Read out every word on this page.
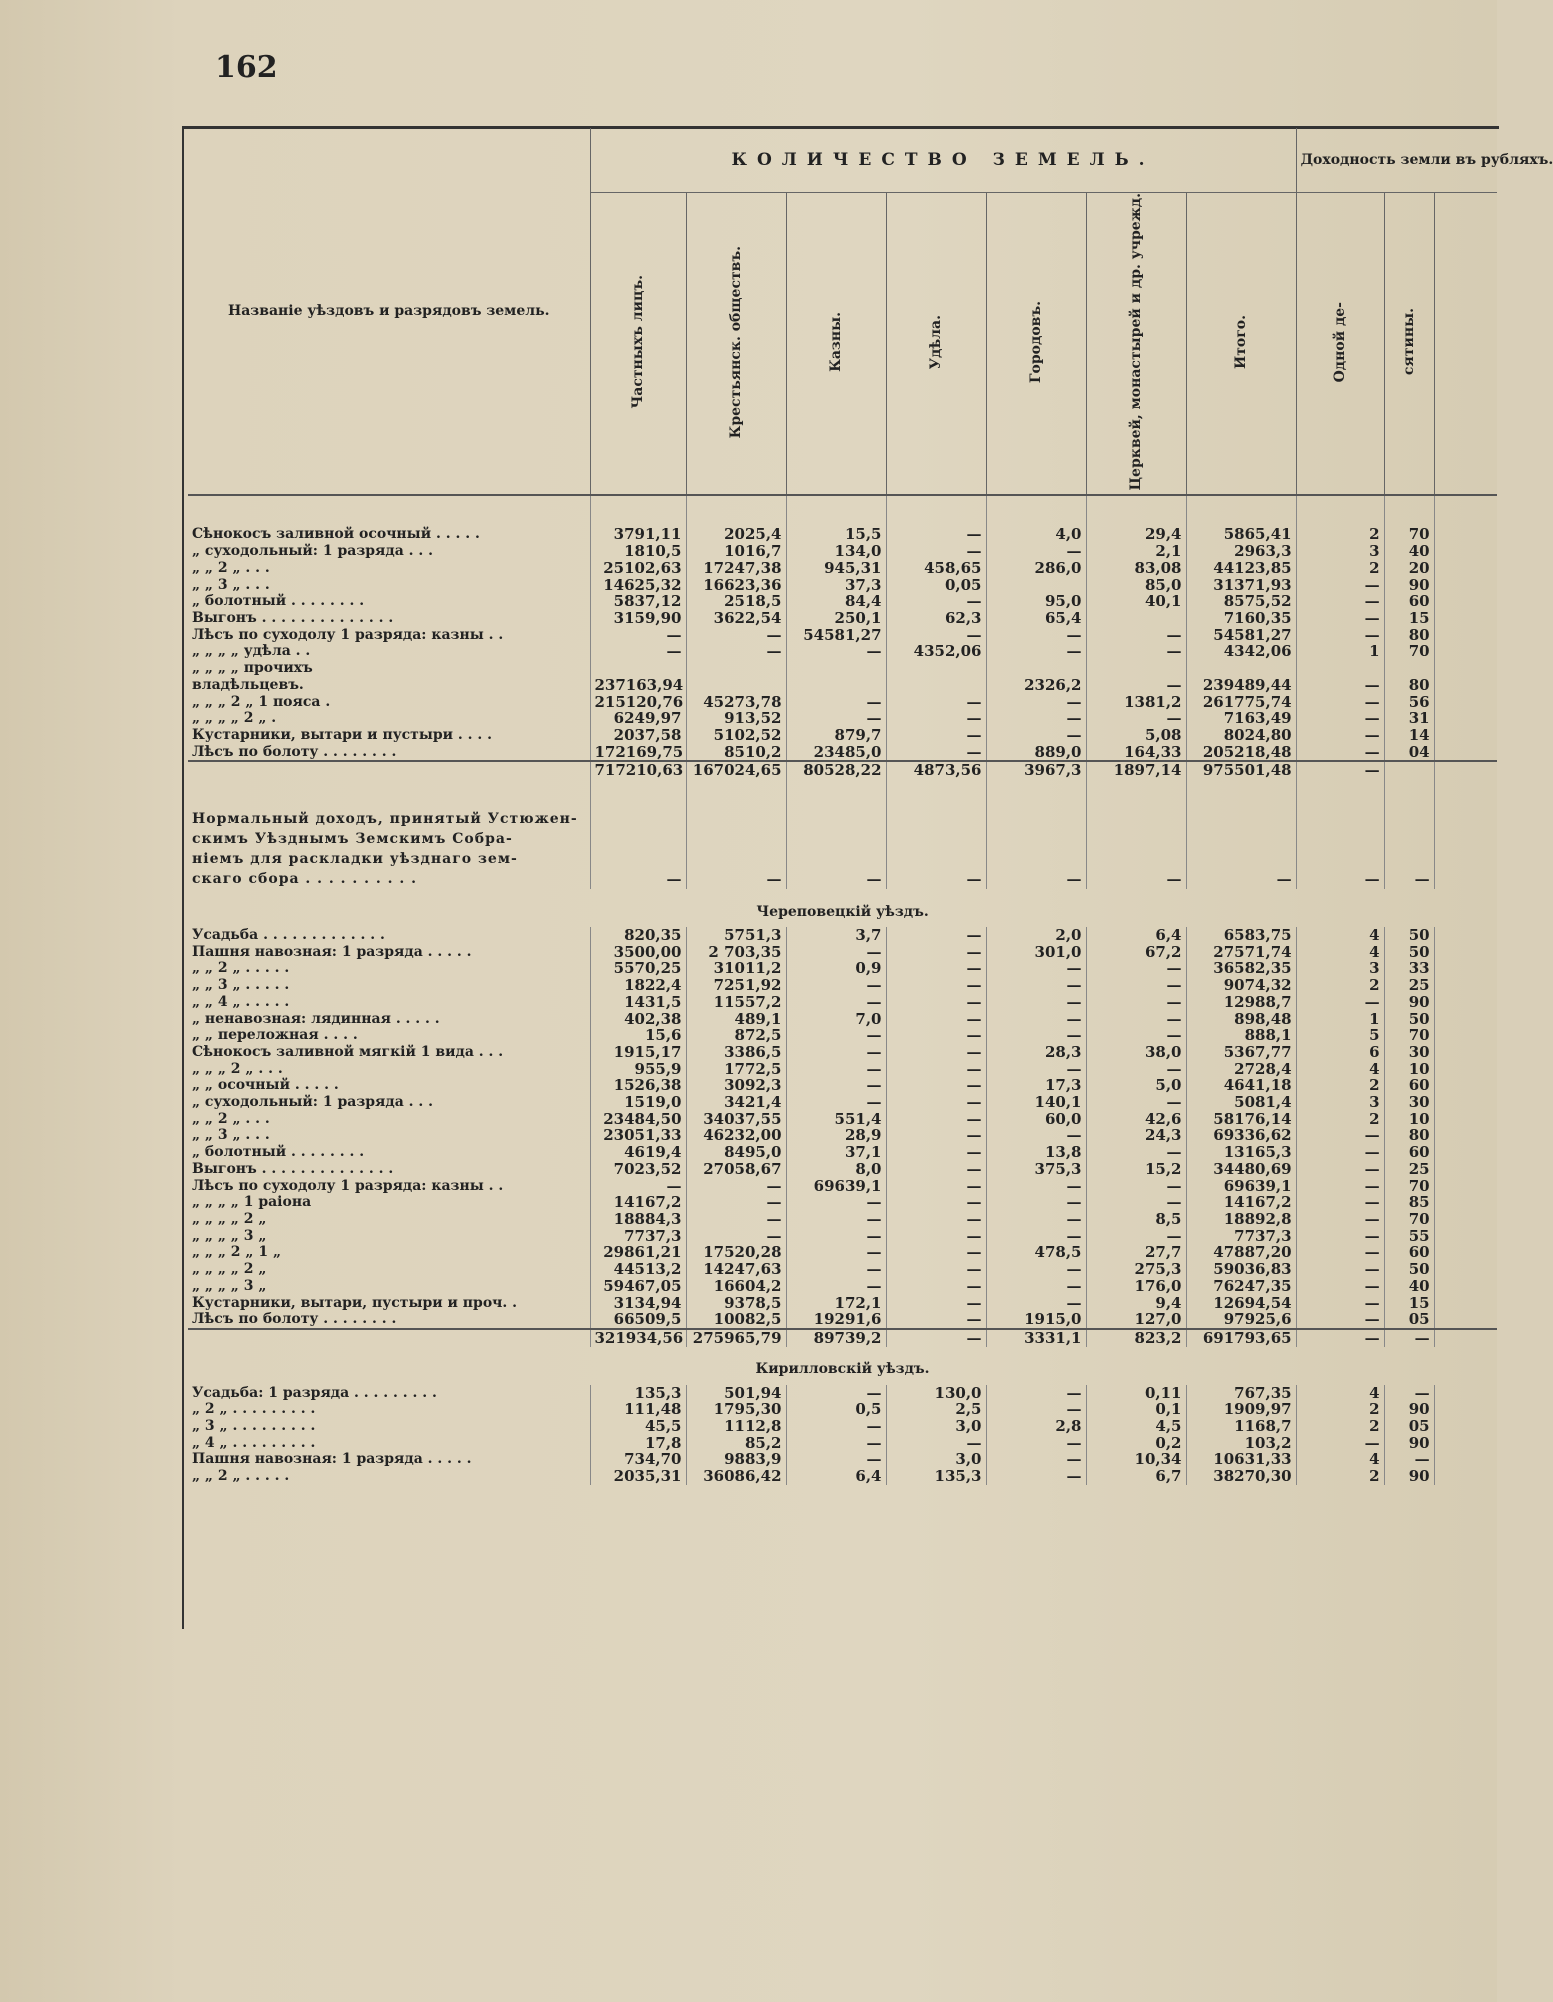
162
Названіе уѣздовъ и разрядовъ земель.	КОЛИЧЕСТВО ЗЕМЕЛЬ.							Доходность земли въ рубляхъ.		
	Частныхъ лицъ.	Крестьянск. обществъ.	Казны.	Удѣла.	Городовъ.	Церквей, монастырей и др. учрежд.	Итого.	Одной де-	сятины.	

Сѣнокосъ заливной осочный . . . . .	3791,11	2025,4	15,5	—	4,0	29,4	5865,41	2	70	
„ суходольный: 1 разряда . . .	1810,5	1016,7	134,0	—	—	2,1	2963,3	3	40	
„ „ 2 „ . . .	25102,63	17247,38	945,31	458,65	286,0	83,08	44123,85	2	20	
„ „ 3 „ . . .	14625,32	16623,36	37,3	0,05		85,0	31371,93	—	90	
„ болотный . . . . . . . .	5837,12	2518,5	84,4	—	95,0	40,1	8575,52	—	60	
Выгонъ . . . . . . . . . . . . . .	3159,90	3622,54	250,1	62,3	65,4		7160,35	—	15	
Лѣсъ по суходолу 1 разряда: казны . .	—	—	54581,27	—	—	—	54581,27	—	80	
„ „ „ „ удѣла . .	—	—	—	4352,06	—	—	4342,06	1	70	
„ „ „ „ прочихъ										
владѣльцевъ.	237163,94				2326,2	—	239489,44	—	80	
„ „ „ 2 „ 1 пояса .	215120,76	45273,78	—	—	—	1381,2	261775,74	—	56	
„ „ „ „ 2 „ .	6249,97	913,52	—	—	—	—	7163,49	—	31	
Кустарники, вытари и пустыри . . . .	2037,58	5102,52	879,7	—	—	5,08	8024,80	—	14	
Лѣсъ по болоту . . . . . . . .	172169,75	8510,2	23485,0	—	889,0	164,33	205218,48	—	04	
	717210,63	167024,65	80528,22	4873,56	3967,3	1897,14	975501,48	—		

Нормальный доходъ, принятый Устюжен-										
скимъ Уѣзднымъ Земскимъ Собра-										
ніемъ для раскладки уѣзднаго зем-										
скаго сбора . . . . . . . . . .	—	—	—	—	—	—	—	—	—	
Череповецкій уѣздъ.										
Усадьба . . . . . . . . . . . . .	820,35	5751,3	3,7	—	2,0	6,4	6583,75	4	50	
Пашня навозная: 1 разряда . . . . .	3500,00	2 703,35	—	—	301,0	67,2	27571,74	4	50	
„ „ 2 „ . . . . .	5570,25	31011,2	0,9	—	—	—	36582,35	3	33	
„ „ 3 „ . . . . .	1822,4	7251,92	—	—	—	—	9074,32	2	25	
„ „ 4 „ . . . . .	1431,5	11557,2	—	—	—	—	12988,7	—	90	
„ ненавозная: лядинная . . . . .	402,38	489,1	7,0	—	—	—	898,48	1	50	
„ „ переложная . . . .	15,6	872,5	—	—	—	—	888,1	5	70	
Сѣнокосъ заливной мягкій 1 вида . . .	1915,17	3386,5	—	—	28,3	38,0	5367,77	6	30	
„ „ „ 2 „ . . .	955,9	1772,5	—	—	—	—	2728,4	4	10	
„ „ осочный . . . . .	1526,38	3092,3	—	—	17,3	5,0	4641,18	2	60	
„ суходольный: 1 разряда . . .	1519,0	3421,4	—	—	140,1	—	5081,4	3	30	
„ „ 2 „ . . .	23484,50	34037,55	551,4	—	60,0	42,6	58176,14	2	10	
„ „ 3 „ . . .	23051,33	46232,00	28,9	—	—	24,3	69336,62	—	80	
„ болотный . . . . . . . .	4619,4	8495,0	37,1	—	13,8	—	13165,3	—	60	
Выгонъ . . . . . . . . . . . . . .	7023,52	27058,67	8,0	—	375,3	15,2	34480,69	—	25	
Лѣсъ по суходолу 1 разряда: казны . .	—	—	69639,1	—	—	—	69639,1	—	70	
„ „ „ „ 1 раіона	14167,2	—	—	—	—	—	14167,2	—	85	
„ „ „ „ 2 „	18884,3	—	—	—	—	8,5	18892,8	—	70	
„ „ „ „ 3 „	7737,3	—	—	—	—	—	7737,3	—	55	
„ „ „ 2 „ 1 „	29861,21	17520,28	—	—	478,5	27,7	47887,20	—	60	
„ „ „ „ 2 „	44513,2	14247,63	—	—	—	275,3	59036,83	—	50	
„ „ „ „ 3 „	59467,05	16604,2	—	—	—	176,0	76247,35	—	40	
Кустарники, вытари, пустыри и проч. .	3134,94	9378,5	172,1	—	—	9,4	12694,54	—	15	
Лѣсъ по болоту . . . . . . . .	66509,5	10082,5	19291,6	—	1915,0	127,0	97925,6	—	05	
	321934,56	275965,79	89739,2	—	3331,1	823,2	691793,65	—	—	
Кирилловскій уѣздъ.										
Усадьба: 1 разряда . . . . . . . . .	135,3	501,94	—	130,0	—	0,11	767,35	4	—	
„ 2 „ . . . . . . . . .	111,48	1795,30	0,5	2,5	—	0,1	1909,97	2	90	
„ 3 „ . . . . . . . . .	45,5	1112,8	—	3,0	2,8	4,5	1168,7	2	05	
„ 4 „ . . . . . . . . .	17,8	85,2	—	—	—	0,2	103,2	—	90	
Пашня навозная: 1 разряда . . . . .	734,70	9883,9	—	3,0	—	10,34	10631,33	4	—	
„ „ 2 „ . . . . .	2035,31	36086,42	6,4	135,3	—	6,7	38270,30	2	90	
